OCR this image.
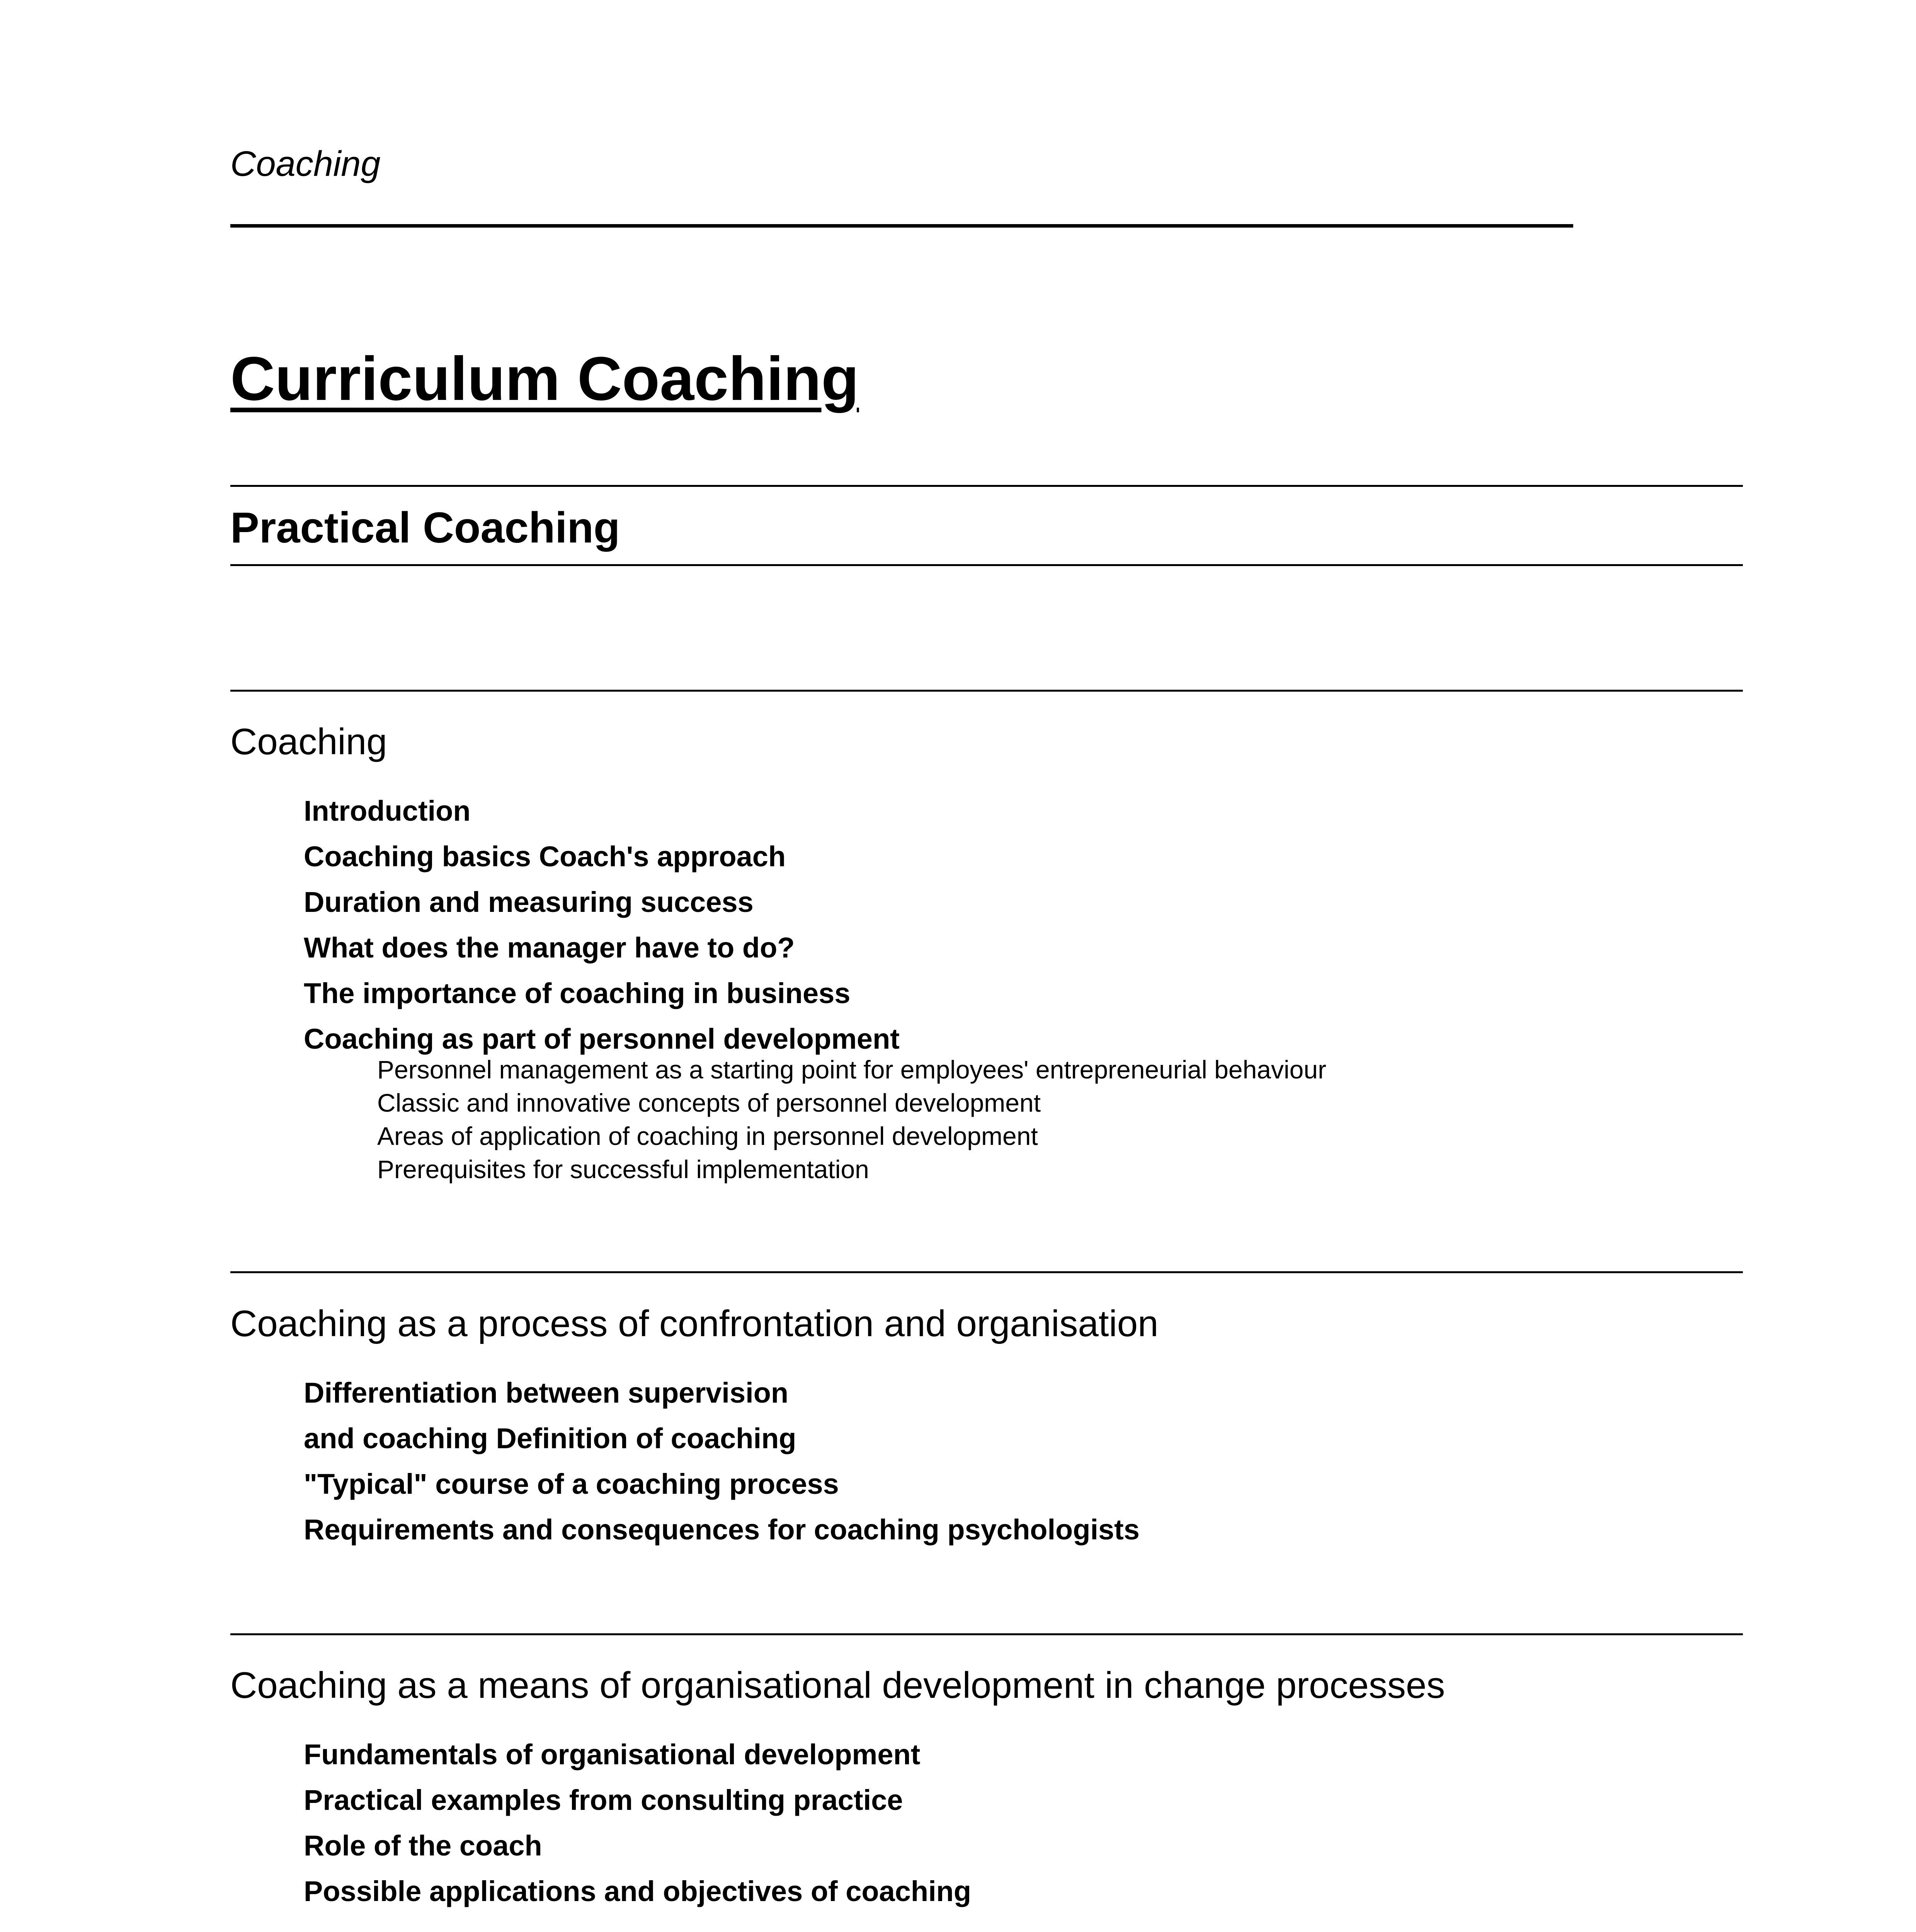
Coaching
Curriculum Coaching
Practical Coaching
Coaching
Introduction
Coaching basics Coach's approach
Duration and measuring success
What does the manager have to do?
The importance of coaching in business
Coaching as part of personnel development
Personnel management as a starting point for employees' entrepreneurial behaviour
Classic and innovative concepts of personnel development
Areas of application of coaching in personnel development
Prerequisites for successful implementation
Coaching as a process of confrontation and organisation
Differentiation between supervision
and coaching Definition of coaching
"Typical" course of a coaching process
Requirements and consequences for coaching psychologists
Coaching as a means of organisational development in change processes
Fundamentals of organisational development
Practical examples from consulting practice
Role of the coach
Possible applications and objectives of coaching
